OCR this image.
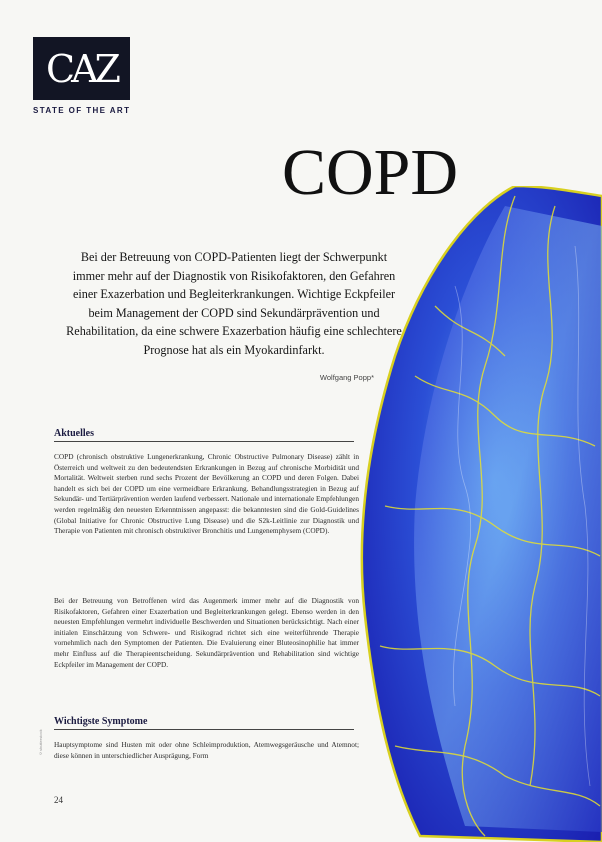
CAZ
STATE OF THE ART
COPD
Bei der Betreuung von COPD-Patienten liegt der Schwerpunkt immer mehr auf der Diagnostik von Risikofaktoren, den Gefahren einer Exazerbation und Begleiterkrankungen. Wichtige Eckpfeiler beim Management der COPD sind Sekundärprävention und Rehabilitation, da eine schwere Exazerbation häufig eine schlechtere Prognose hat als ein Myokardinfarkt.
Wolfgang Popp*
Aktuelles
COPD (chronisch obstruktive Lungenerkrankung, Chronic Obstructive Pulmonary Disease) zählt in Österreich und weltweit zu den bedeutendsten Erkrankungen in Bezug auf chronische Morbidität und Mortalität. Weltweit sterben rund sechs Prozent der Bevölkerung an COPD und deren Folgen. Dabei handelt es sich bei der COPD um eine vermeidbare Erkrankung. Behandlungsstrategien in Bezug auf Sekundär- und Tertiärprävention werden laufend verbessert. Nationale und internationale Empfehlungen werden regelmäßig den neuesten Erkenntnissen angepasst: die bekanntesten sind die Gold-Guidelines (Global Initiative for Chronic Obstructive Lung Disease) und die S2k-Leitlinie zur Diagnostik und Therapie von Patienten mit chronisch obstruktiver Bronchitis und Lungenemphysem (COPD).
Bei der Betreuung von Betroffenen wird das Augenmerk immer mehr auf die Diagnostik von Risikofaktoren, Gefahren einer Exazerbation und Begleiterkrankungen gelegt. Ebenso werden in den neuesten Empfehlungen vermehrt individuelle Beschwerden und Situationen berücksichtigt. Nach einer initialen Einschätzung von Schwere- und Risikograd richtet sich eine weiterführende Therapie vornehmlich nach den Symptomen der Patienten. Die Evaluierung einer Bluteosinophilie hat immer mehr Einfluss auf die Therapieentscheidung. Sekundärprävention und Rehabilitation sind wichtige Eckpfeiler im Management der COPD.
©shutterstock
Wichtigste Symptome
Hauptsymptome sind Husten mit oder ohne Schleimproduktion, Atemwegsgeräusche und Atemnot; diese können in unterschiedlicher Ausprägung, Form
24
